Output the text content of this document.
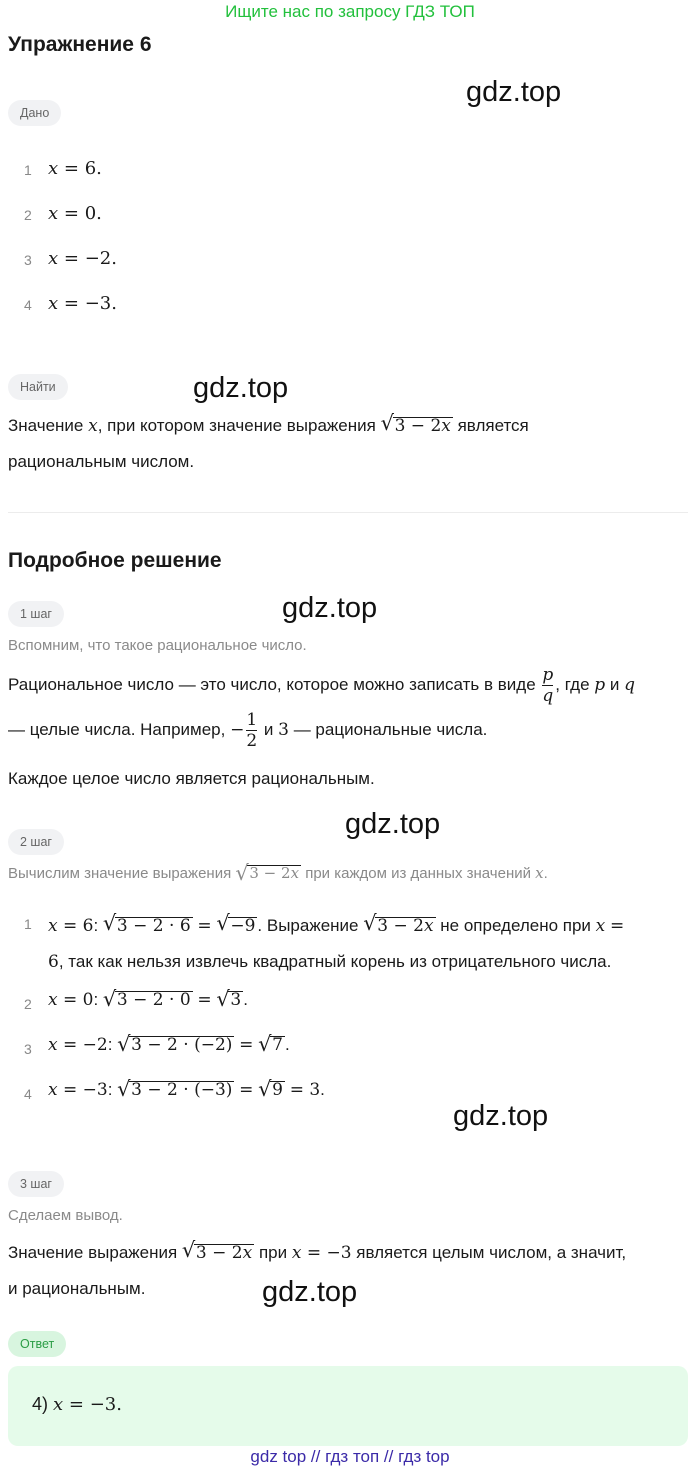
Ищите нас по запросу ГДЗ ТОП
Упражнение 6
gdz.top
Дано
1 x = 6.
2 x = 0.
3 x = −2.
4 x = −3.
Найти	gdz.top
Значение x, при котором значение выражения √ 3 − 2x является
рациональным числом.
Подробное решение
1 шаг	gdz.top
Вспомним, что такое рациональное число.
Рациональное число — это число, которое можно записать в виде $\frac{p}{q}$ , где p и q
— целые числа. Например, − $\frac{1}{2}$ и 3 — рациональные числа.
Каждое целое число является рациональным.
2 шаг
gdz.top
Вычислим значение выражения √ 3 − 2x при каждом из данных значений x.
1 x = 6: √ 3 − 2 · 6 = √ −9 . Выражение √ 3 − 2x не определено при x =
6, так как нельзя извлечь квадратный корень из отрицательного числа.
2 x = 0: √ 3 − 2 · 0 = √ 3 .
3 x = −2: √ 3 − 2 · (−2) = √ 7 .
4 x = −3: √ 3 − 2 · (−3) = √ 9 = 3.
gdz.top
3 шаг
Сделаем вывод.
Значение выражения √ 3 − 2x при x = −3 является целым числом, а значит,
и рациональным.	gdz.top
Ответ
4) x = −3.
gdz top // гдз топ // гдз top
